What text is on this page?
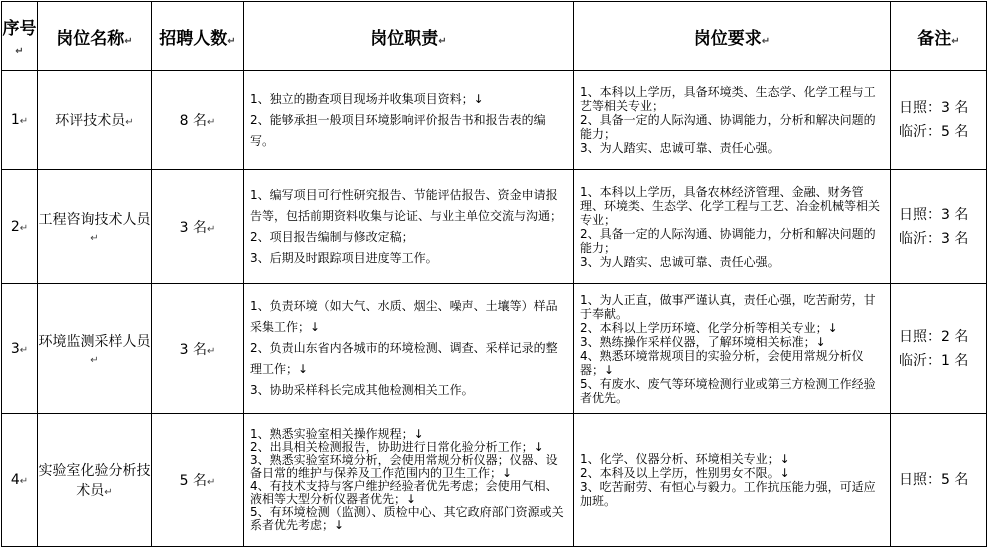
序号↵	岗位名称↵	招聘人数↵	岗位职责↵	岗位要求↵	备注↵
1↵	环评技术员↵	8 名↵	1、独立的勘查项目现场并收集项目资料；↓
2、能够承担一般项目环境影响评价报告书和报告表的编写。	1、本科以上学历，具备环境类、生态学、化学工程与工艺等相关专业；
2、具备一定的人际沟通、协调能力，分析和解决问题的能力；
3、为人踏实、忠诚可靠、责任心强。	日照：3 名
临沂：5 名

2↵	工程咨询技术人员↵	3 名↵	1、编写项目可行性研究报告、节能评估报告、资金申请报告等，包括前期资料收集与论证、与业主单位交流与沟通；
2、项目报告编制与修改定稿；
3、后期及时跟踪项目进度等工作。	1、本科以上学历，具备农林经济管理、金融、财务管理、环境类、生态学、化学工程与工艺、冶金机械等相关专业；
2、具备一定的人际沟通、协调能力，分析和解决问题的能力；
3、为人踏实、忠诚可靠、责任心强。	日照：3 名
临沂：3 名

3↵	环境监测采样人员↵	3 名↵	1、负责环境（如大气、水质、烟尘、噪声、土壤等）样品采集工作；↓
2、负责山东省内各城市的环境检测、调查、采样记录的整理工作；↓
3、协助采样科长完成其他检测相关工作。	1、为人正直，做事严谨认真，责任心强，吃苦耐劳，甘于奉献。
2、本科以上学历环境、化学分析等相关专业；↓
3、熟练操作采样仪器，了解环境相关标准；↓
4、熟悉环境常规项目的实验分析，会使用常规分析仪器；↓
5、有废水、废气等环境检测行业或第三方检测工作经验者优先。	日照：2 名
临沂：1 名

4↵	实验室化验分析技术员↵	5 名↵	1、熟悉实验室相关操作规程；↓
2、出具相关检测报告，协助进行日常化验分析工作；↓
3、熟悉实验室环境分析，会使用常规分析仪器；仪器、设备日常的维护与保养及工作范围内的卫生工作；↓
4、有技术支持与客户维护经验者优先考虑；会使用气相、液相等大型分析仪器者优先；↓
5、有环境检测（监测）、质检中心、其它政府部门资源或关系者优先考虑；↓	1、化学、仪器分析、环境相关专业；↓
2、本科及以上学历，性别男女不限。↓
3、吃苦耐劳、有恒心与毅力。工作抗压能力强，可适应加班。	日照：5 名
